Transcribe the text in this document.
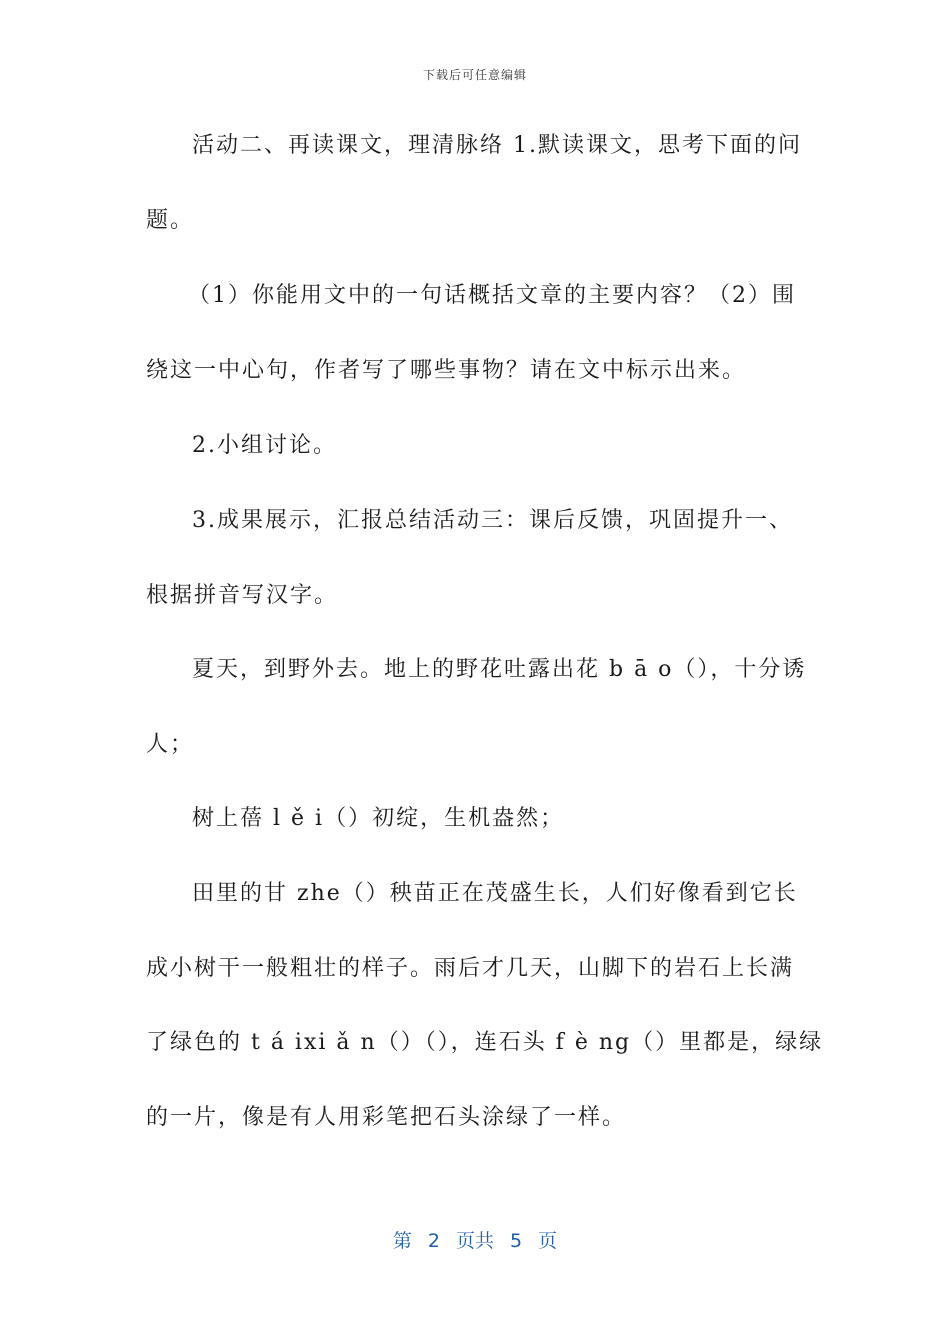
下载后可任意编辑
活动二、再读课文，理清脉络 1.默读课文，思考下面的问
题。
（1）你能用文中的一句话概括文章的主要内容？（2）围
绕这一中心句，作者写了哪些事物？请在文中标示出来。
2.小组讨论。
3.成果展示，汇报总结活动三：课后反馈，巩固提升一、
根据拼音写汉字。
夏天，到野外去。地上的野花吐露出花 b ā o（），十分诱
人；
树上蓓 l ě i（）初绽，生机盎然；
田里的甘 zhe（）秧苗正在茂盛生长，人们好像看到它长
成小树干一般粗壮的样子。雨后才几天，山脚下的岩石上长满
了绿色的 t á ixi ǎ n（）（），连石头 f è ng（）里都是，绿绿
的一片，像是有人用彩笔把石头涂绿了一样。
第 2 页共 5 页
